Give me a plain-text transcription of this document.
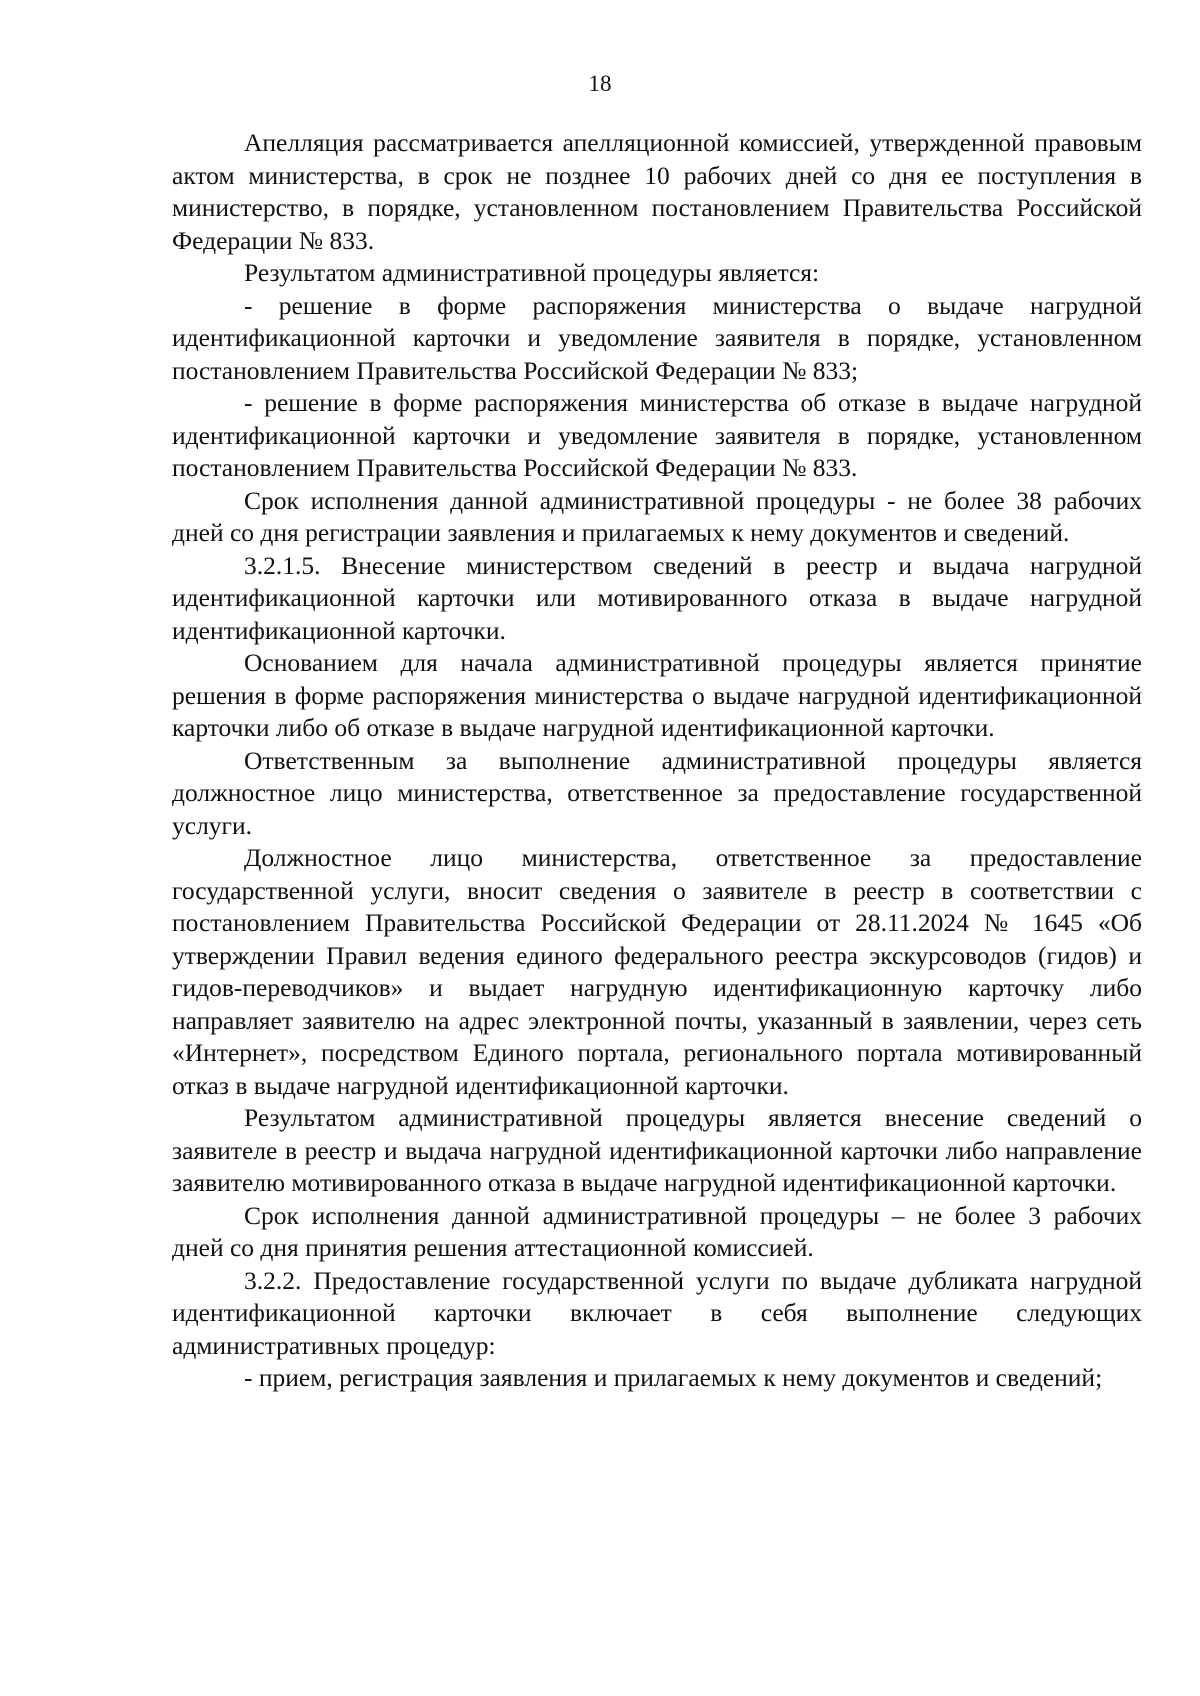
18

Апелляция рассматривается апелляционной комиссией, утвержденной правовым актом министерства, в срок не позднее 10 рабочих дней со дня ее поступления в министерство, в порядке, установленном постановлением Правительства Российской Федерации № 833.

Результатом административной процедуры является:

- решение в форме распоряжения министерства о выдаче нагрудной идентификационной карточки и уведомление заявителя в порядке, установленном постановлением Правительства Российской Федерации № 833;

- решение в форме распоряжения министерства об отказе в выдаче нагрудной идентификационной карточки и уведомление заявителя в порядке, установленном постановлением Правительства Российской Федерации № 833.

Срок исполнения данной административной процедуры - не более 38 рабочих дней со дня регистрации заявления и прилагаемых к нему документов и сведений.

3.2.1.5. Внесение министерством сведений в реестр и выдача нагрудной идентификационной карточки или мотивированного отказа в выдаче нагрудной идентификационной карточки.

Основанием для начала административной процедуры является принятие решения в форме распоряжения министерства о выдаче нагрудной идентификационной карточки либо об отказе в выдаче нагрудной идентификационной карточки.

Ответственным за выполнение административной процедуры является должностное лицо министерства, ответственное за предоставление государственной услуги.

Должностное лицо министерства, ответственное за предоставление государственной услуги, вносит сведения о заявителе в реестр в соответствии с постановлением Правительства Российской Федерации от 28.11.2024 № 1645 «Об утверждении Правил ведения единого федерального реестра экскурсоводов (гидов) и гидов-переводчиков» и выдает нагрудную идентификационную карточку либо направляет заявителю на адрес электронной почты, указанный в заявлении, через сеть «Интернет», посредством Единого портала, регионального портала мотивированный отказ в выдаче нагрудной идентификационной карточки.

Результатом административной процедуры является внесение сведений о заявителе в реестр и выдача нагрудной идентификационной карточки либо направление заявителю мотивированного отказа в выдаче нагрудной идентификационной карточки.

Срок исполнения данной административной процедуры – не более 3 рабочих дней со дня принятия решения аттестационной комиссией.

3.2.2. Предоставление государственной услуги по выдаче дубликата нагрудной идентификационной карточки включает в себя выполнение следующих административных процедур:

- прием, регистрация заявления и прилагаемых к нему документов и сведений;
